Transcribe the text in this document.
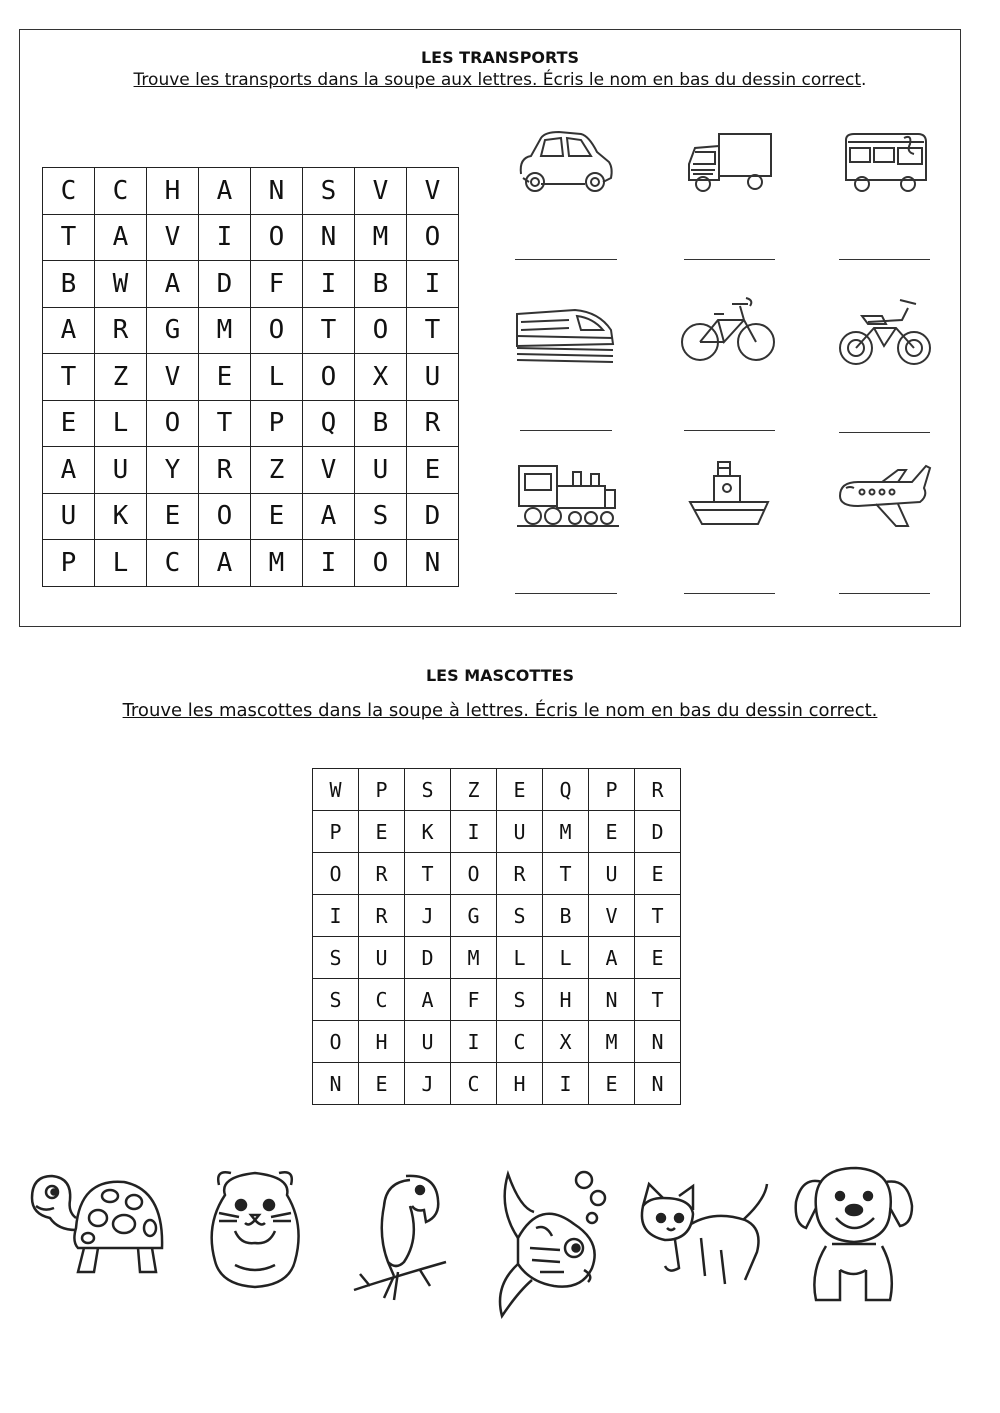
LES TRANSPORTS
Trouve les transports dans la soupe aux lettres. Écris le nom en bas du dessin correct.
C	C	H	A	N	S	V	V
T	A	V	I	O	N	M	O
B	W	A	D	F	I	B	I
A	R	G	M	O	T	O	T
T	Z	V	E	L	O	X	U
E	L	O	T	P	Q	B	R
A	U	Y	R	Z	V	U	E
U	K	E	O	E	A	S	D
P	L	C	A	M	I	O	N
LES MASCOTTES
Trouve les mascottes dans la soupe à lettres. Écris le nom en bas du dessin correct.
W	P	S	Z	E	Q	P	R
P	E	K	I	U	M	E	D
O	R	T	O	R	T	U	E
I	R	J	G	S	B	V	T
S	U	D	M	L	L	A	E
S	C	A	F	S	H	N	T
O	H	U	I	C	X	M	N
N	E	J	C	H	I	E	N
